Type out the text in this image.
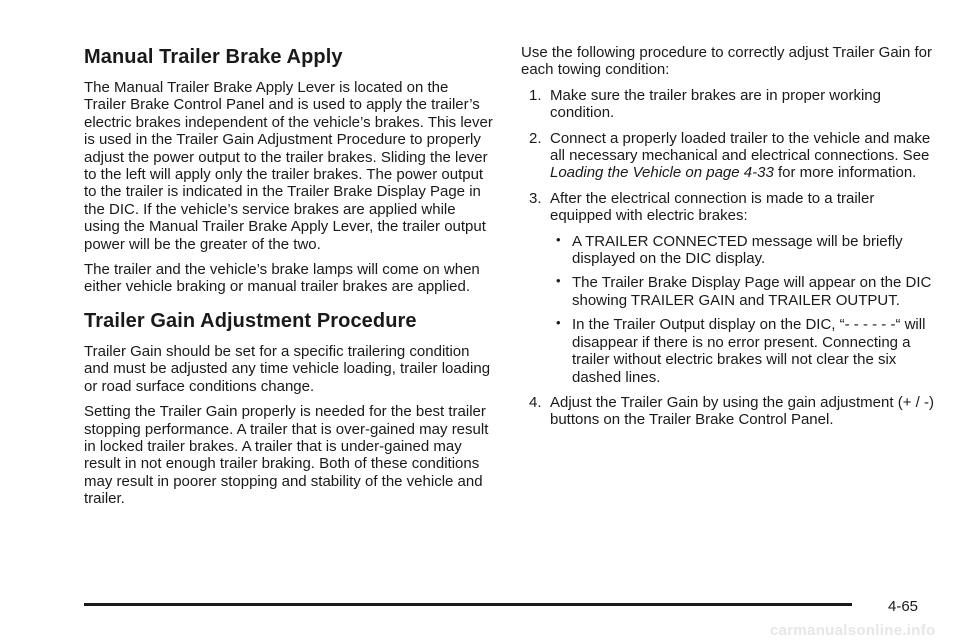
Manual Trailer Brake Apply

The Manual Trailer Brake Apply Lever is located on the Trailer Brake Control Panel and is used to apply the trailer’s electric brakes independent of the vehicle’s brakes. This lever is used in the Trailer Gain Adjustment Procedure to properly adjust the power output to the trailer brakes. Sliding the lever to the left will apply only the trailer brakes. The power output to the trailer is indicated in the Trailer Brake Display Page in the DIC. If the vehicle’s service brakes are applied while using the Manual Trailer Brake Apply Lever, the trailer output power will be the greater of the two.

The trailer and the vehicle’s brake lamps will come on when either vehicle braking or manual trailer brakes are applied.

Trailer Gain Adjustment Procedure

Trailer Gain should be set for a specific trailering condition and must be adjusted any time vehicle loading, trailer loading or road surface conditions change.

Setting the Trailer Gain properly is needed for the best trailer stopping performance. A trailer that is over-gained may result in locked trailer brakes. A trailer that is under-gained may result in not enough trailer braking. Both of these conditions may result in poorer stopping and stability of the vehicle and trailer.

Use the following procedure to correctly adjust Trailer Gain for each towing condition:

1. Make sure the trailer brakes are in proper working condition.
2. Connect a properly loaded trailer to the vehicle and make all necessary mechanical and electrical connections. See Loading the Vehicle on page 4-33 for more information.
3. After the electrical connection is made to a trailer equipped with electric brakes:
• A TRAILER CONNECTED message will be briefly displayed on the DIC display.
• The Trailer Brake Display Page will appear on the DIC showing TRAILER GAIN and TRAILER OUTPUT.
• In the Trailer Output display on the DIC, “- - - - - -“ will disappear if there is no error present. Connecting a trailer without electric brakes will not clear the six dashed lines.
4. Adjust the Trailer Gain by using the gain adjustment (+ / -) buttons on the Trailer Brake Control Panel.
4-65
carmanualsonline.info
